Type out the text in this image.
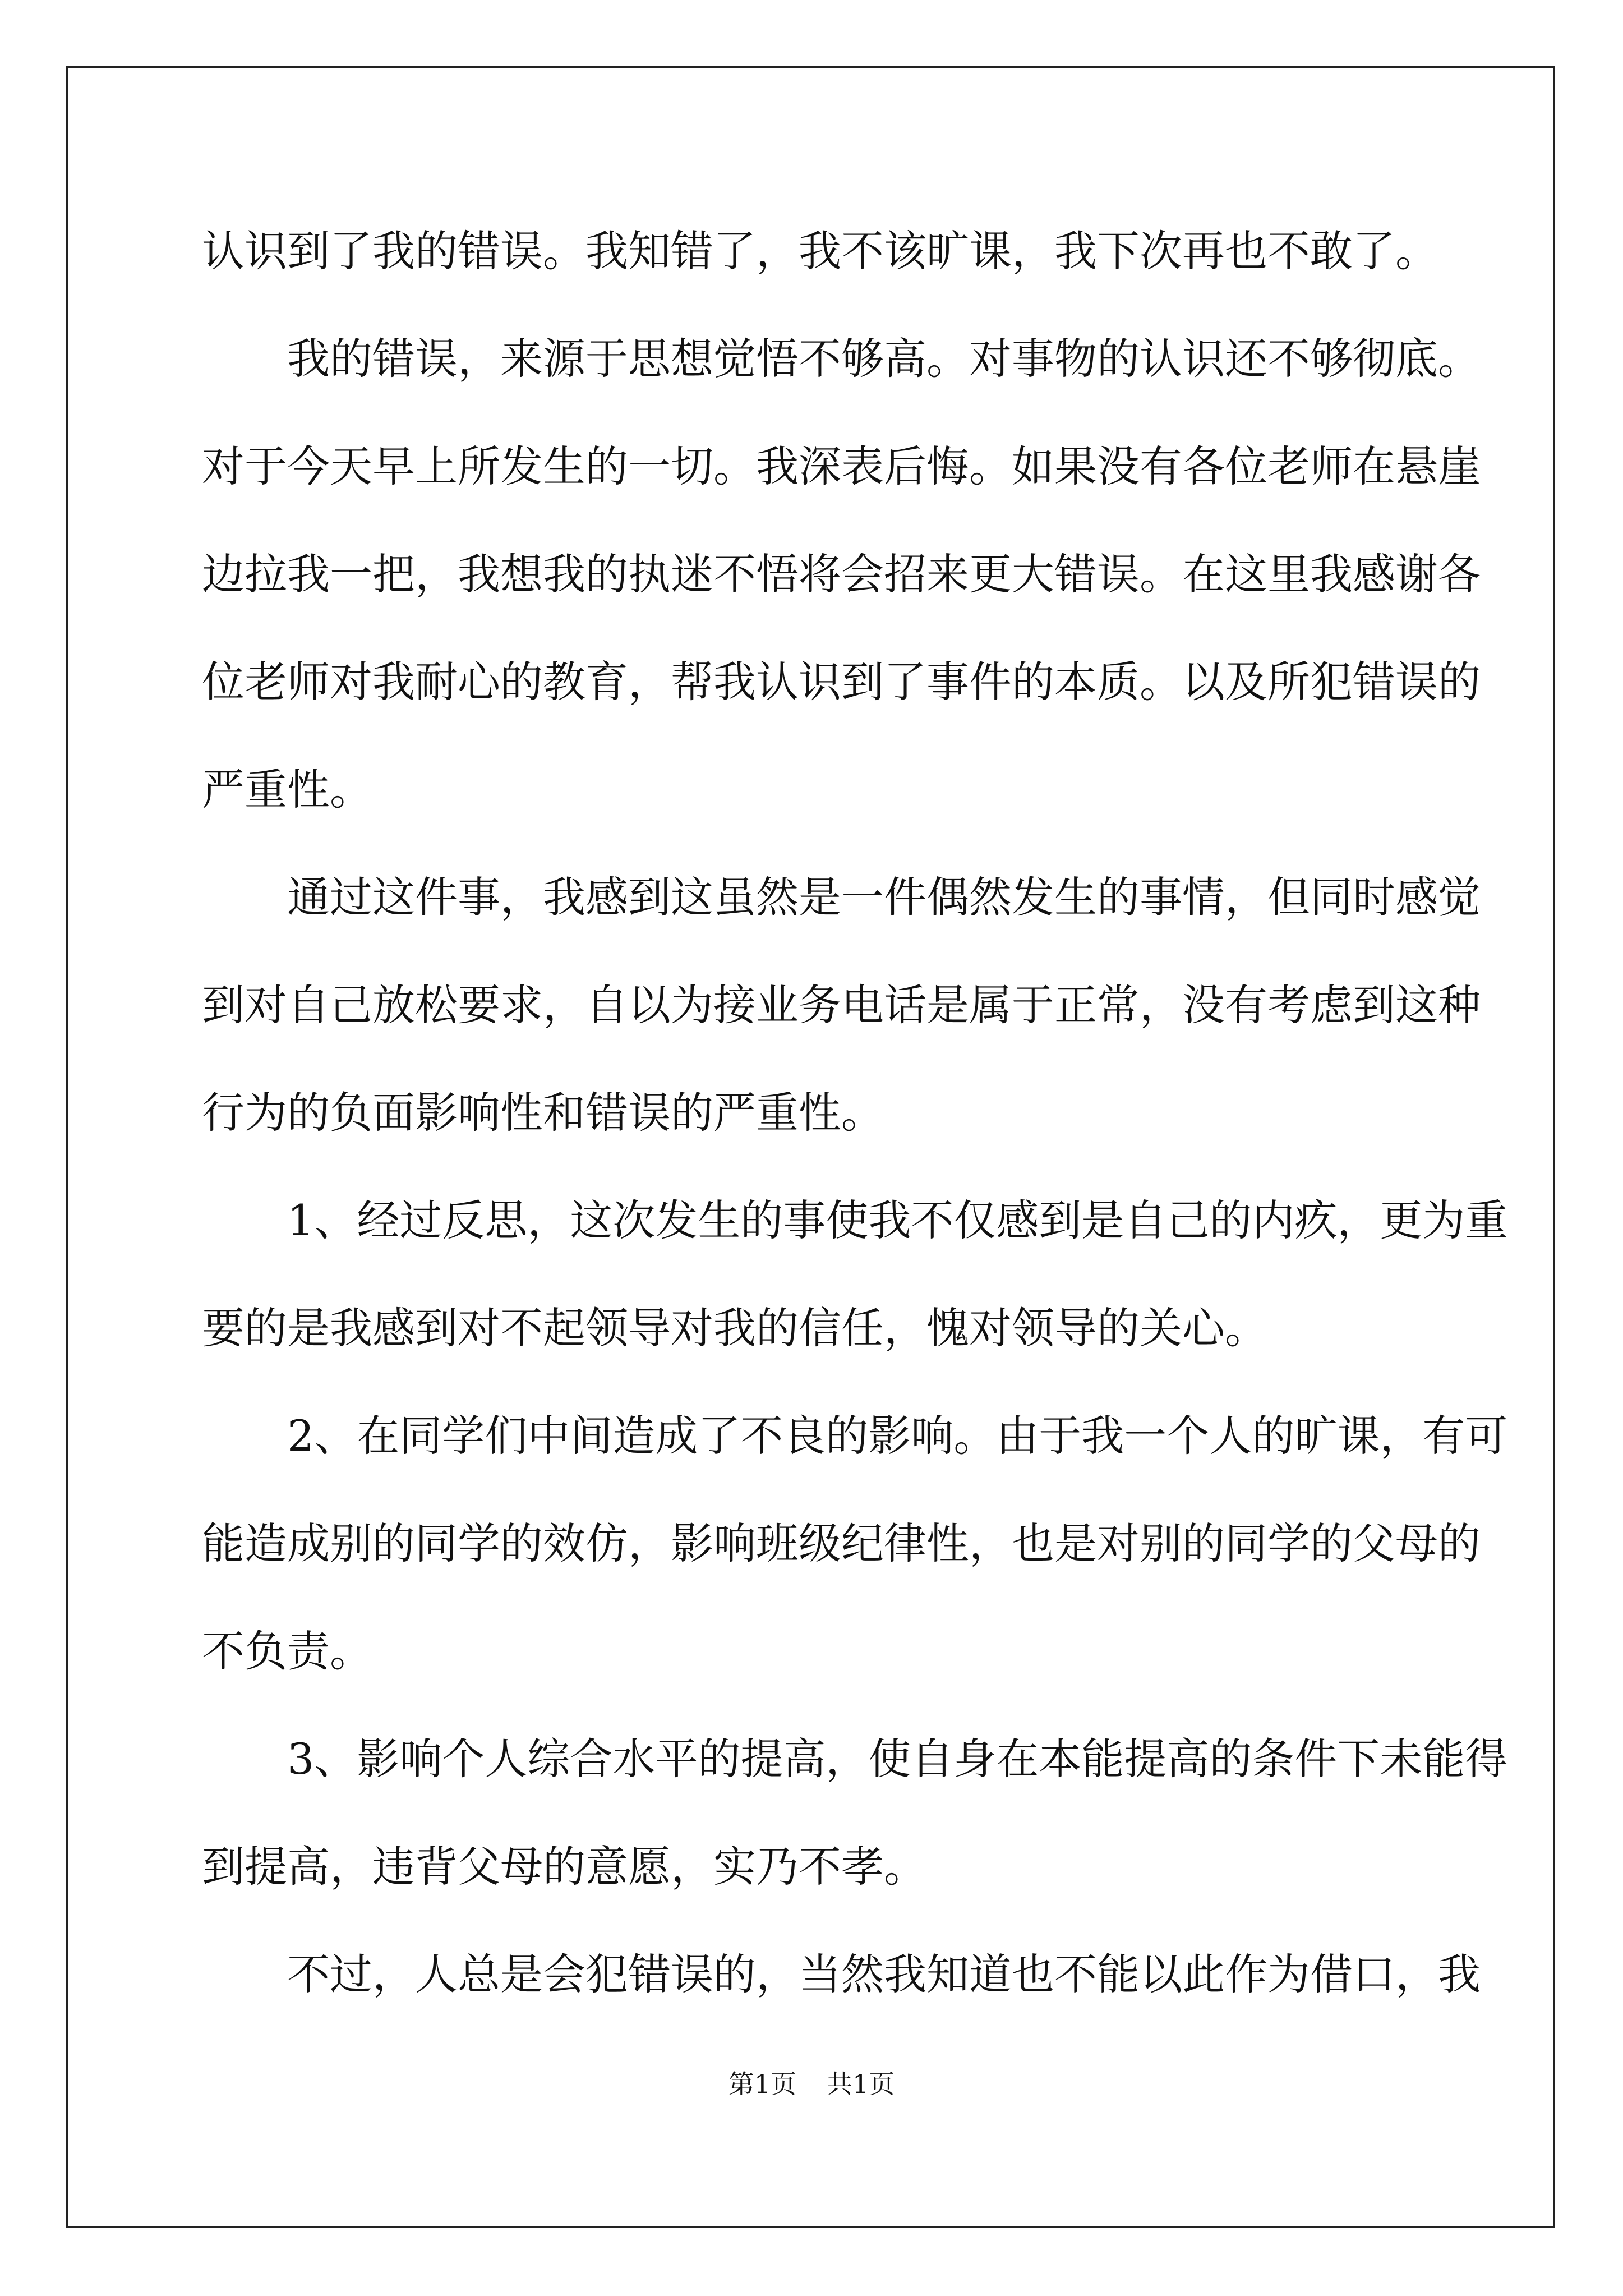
认识到了我的错误。我知错了，我不该旷课，我下次再也不敢了。
我的错误，来源于思想觉悟不够高。对事物的认识还不够彻底。
对于今天早上所发生的一切。我深表后悔。如果没有各位老师在悬崖
边拉我一把，我想我的执迷不悟将会招来更大错误。在这里我感谢各
位老师对我耐心的教育，帮我认识到了事件的本质。以及所犯错误的
严重性。
通过这件事，我感到这虽然是一件偶然发生的事情，但同时感觉
到对自己放松要求，自以为接业务电话是属于正常，没有考虑到这种
行为的负面影响性和错误的严重性。
1、经过反思，这次发生的事使我不仅感到是自己的内疚，更为重
要的是我感到对不起领导对我的信任，愧对领导的关心。
2、在同学们中间造成了不良的影响。由于我一个人的旷课，有可
能造成别的同学的效仿，影响班级纪律性，也是对别的同学的父母的
不负责。
3、影响个人综合水平的提高，使自身在本能提高的条件下未能得
到提高，违背父母的意愿，实乃不孝。
不过，人总是会犯错误的，当然我知道也不能以此作为借口，我
第1页 共1页
